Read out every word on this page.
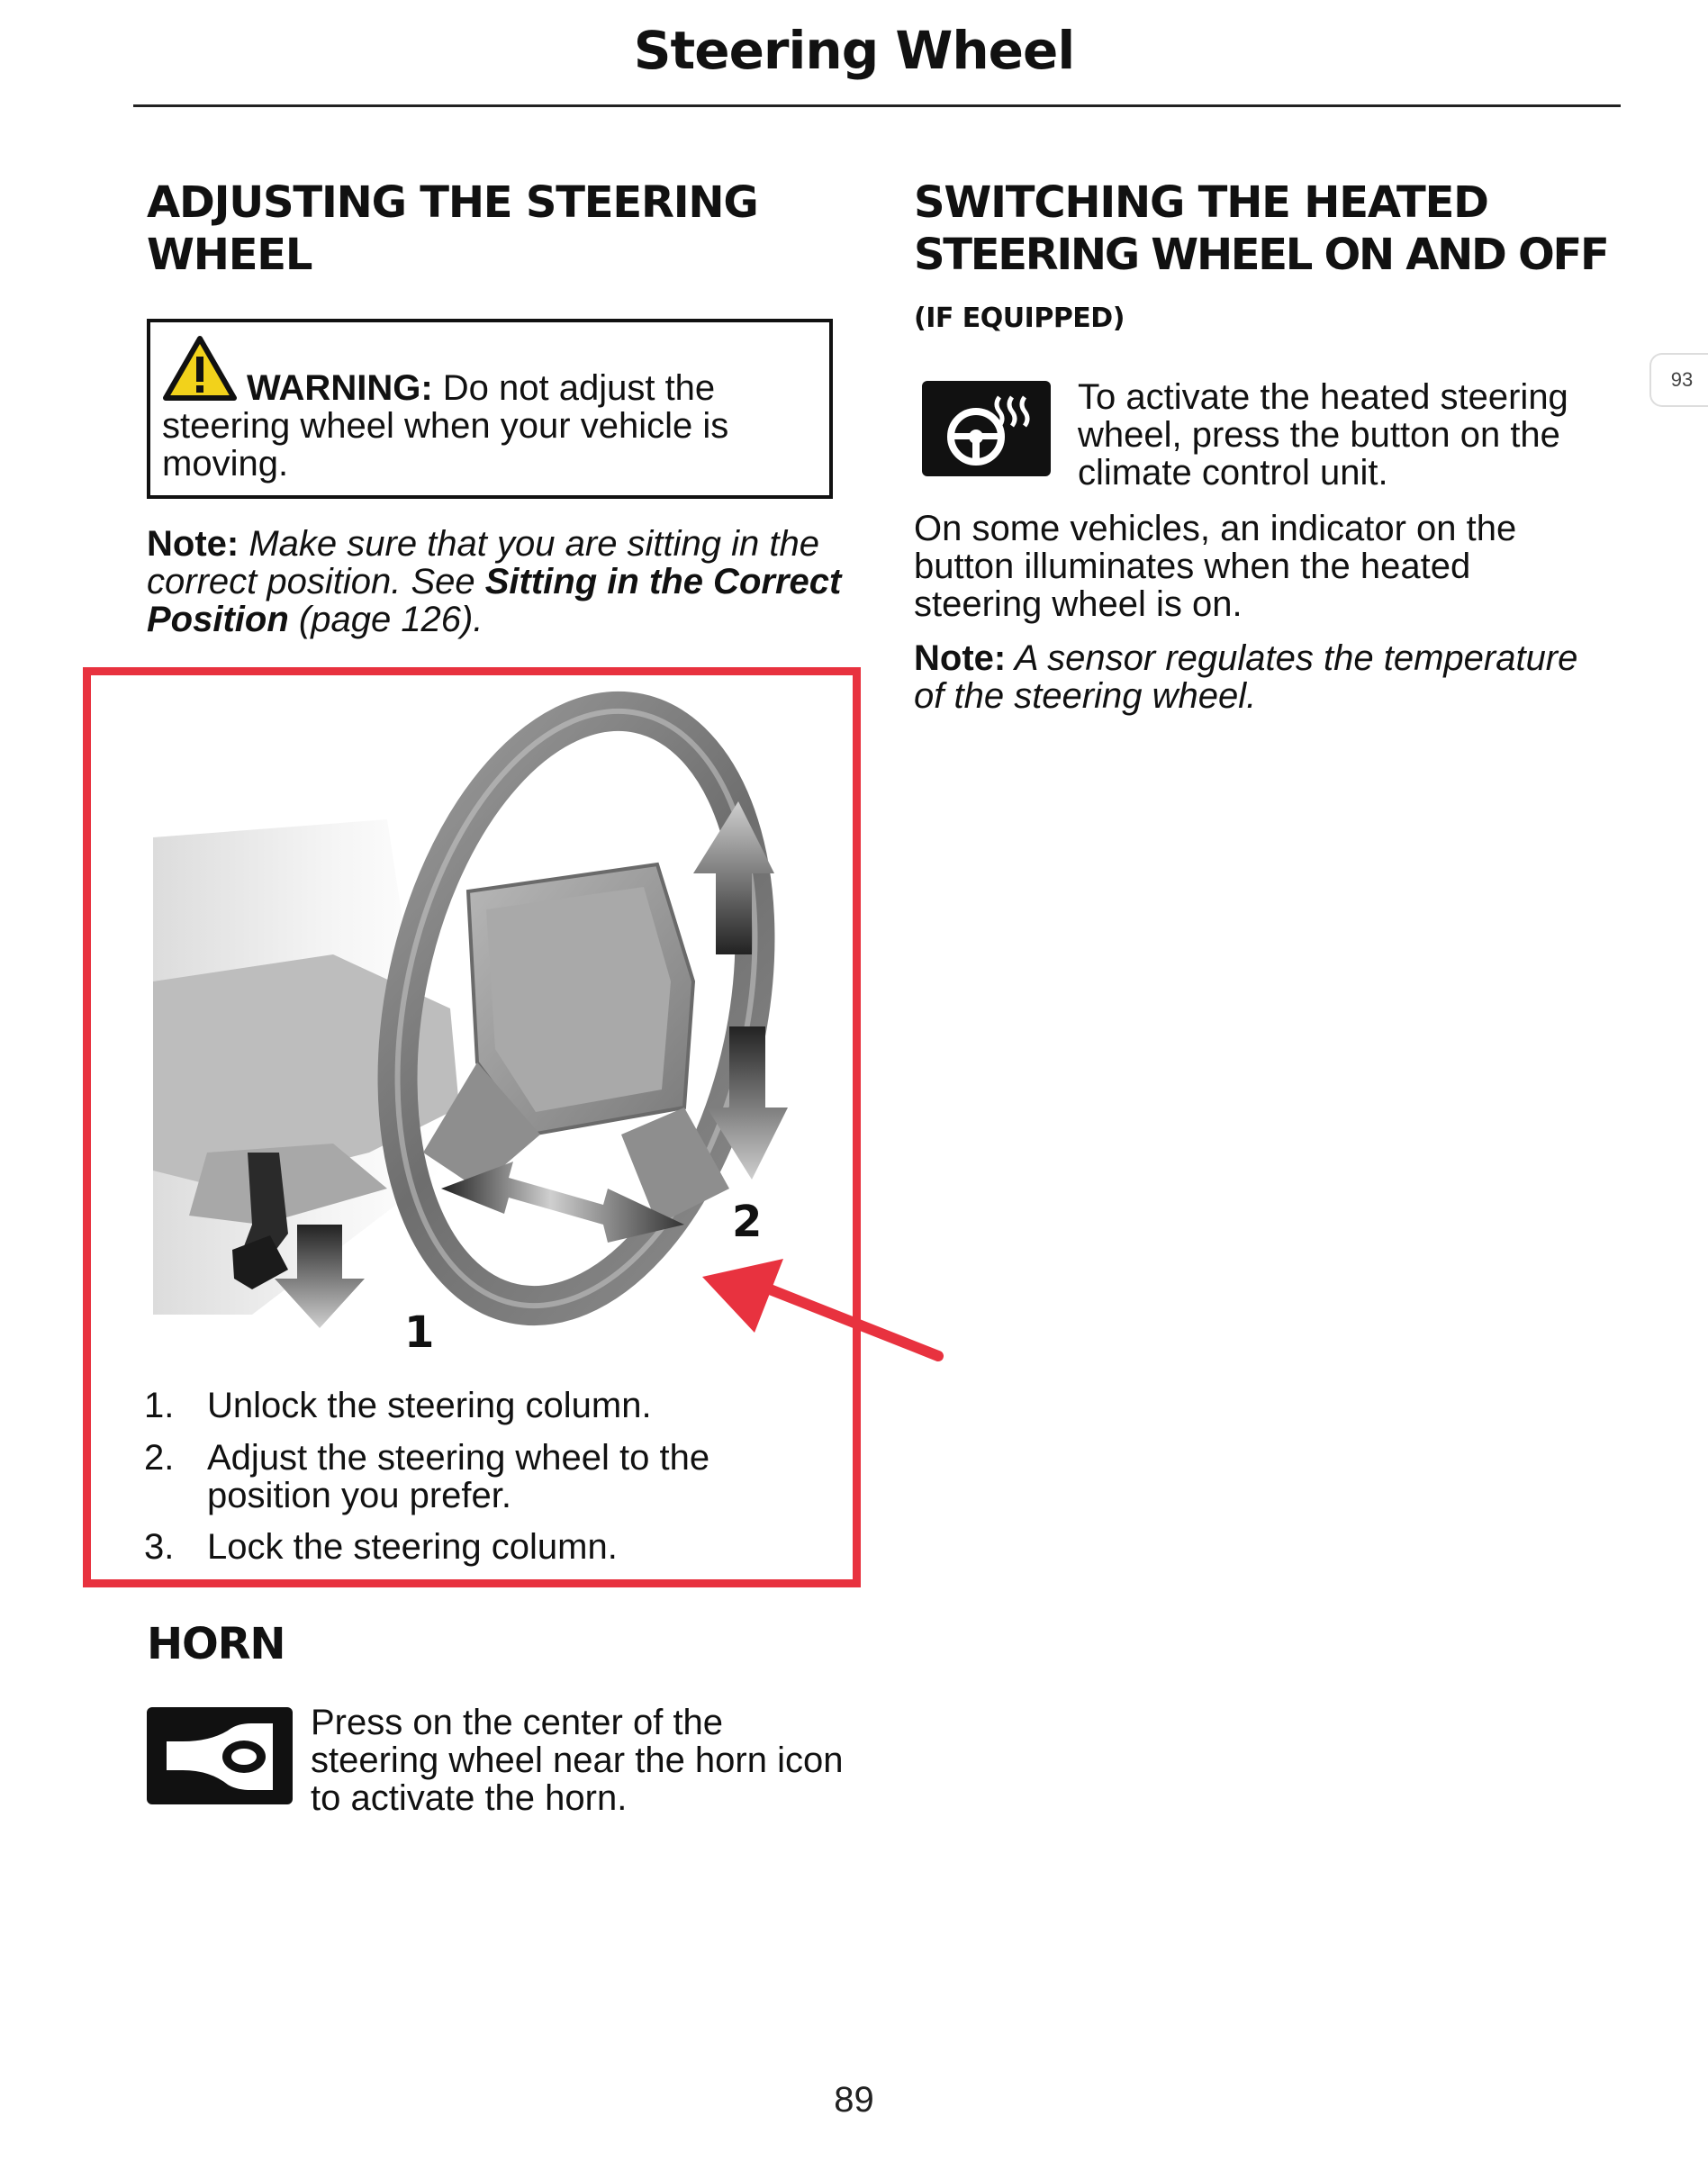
Steering Wheel
93
ADJUSTING THE STEERING
WHEEL
WARNING: Do not adjust the
steering wheel when your vehicle is
moving.
Note: Make sure that you are sitting in the
correct position. See Sitting in the Correct
Position (page 126).
1
2
1. Unlock the steering column.
2. Adjust the steering wheel to the
position you prefer.
3. Lock the steering column.
HORN
Press on the center of the
steering wheel near the horn icon
to activate the horn.
SWITCHING THE HEATED
STEERING WHEEL ON AND OFF
(IF EQUIPPED)
To activate the heated steering
wheel, press the button on the
climate control unit.
On some vehicles, an indicator on the
button illuminates when the heated
steering wheel is on.
Note: A sensor regulates the temperature
of the steering wheel.
89
